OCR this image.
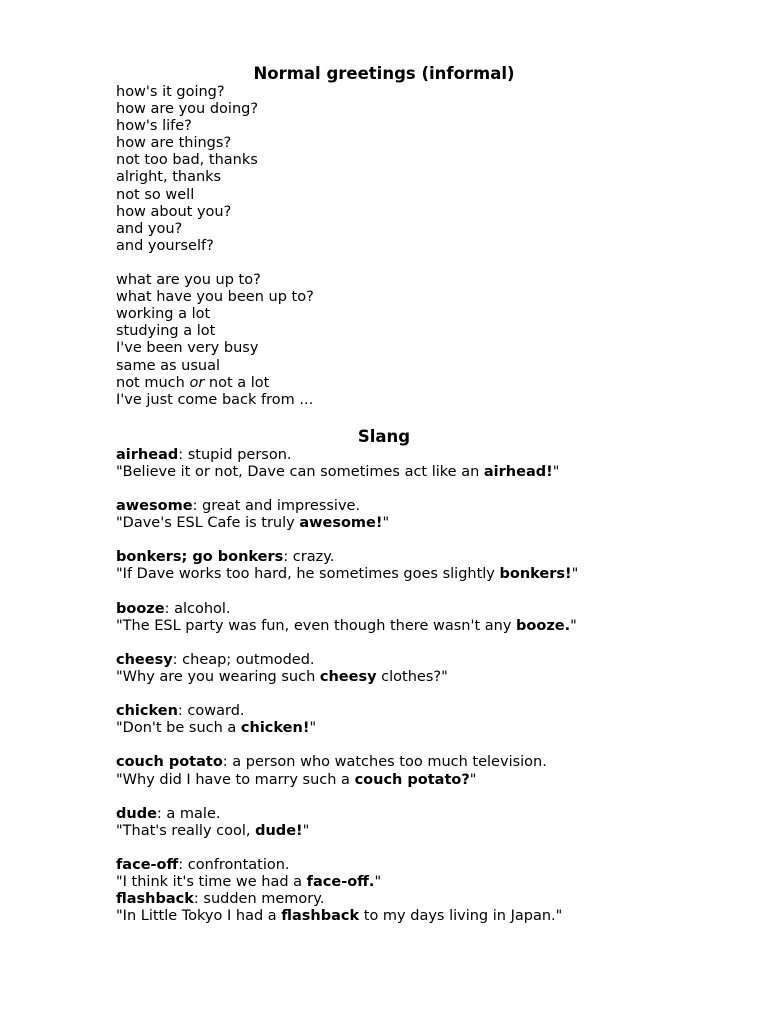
Normal greetings (informal)
how's it going?
how are you doing?
how's life?
how are things?
not too bad, thanks
alright, thanks
not so well
how about you?
and you?
and yourself?
what are you up to?
what have you been up to?
working a lot
studying a lot
I've been very busy
same as usual
not much or not a lot
I've just come back from ...
Slang
airhead: stupid person.
"Believe it or not, Dave can sometimes act like an airhead!"
awesome: great and impressive.
"Dave's ESL Cafe is truly awesome!"
bonkers; go bonkers: crazy.
"If Dave works too hard, he sometimes goes slightly bonkers!"
booze: alcohol.
"The ESL party was fun, even though there wasn't any booze."
cheesy: cheap; outmoded.
"Why are you wearing such cheesy clothes?"
chicken: coward.
"Don't be such a chicken!"
couch potato: a person who watches too much television.
"Why did I have to marry such a couch potato?"
dude: a male.
"That's really cool, dude!"
face-off: confrontation.
"I think it's time we had a face-off."
flashback: sudden memory.
"In Little Tokyo I had a flashback to my days living in Japan."
